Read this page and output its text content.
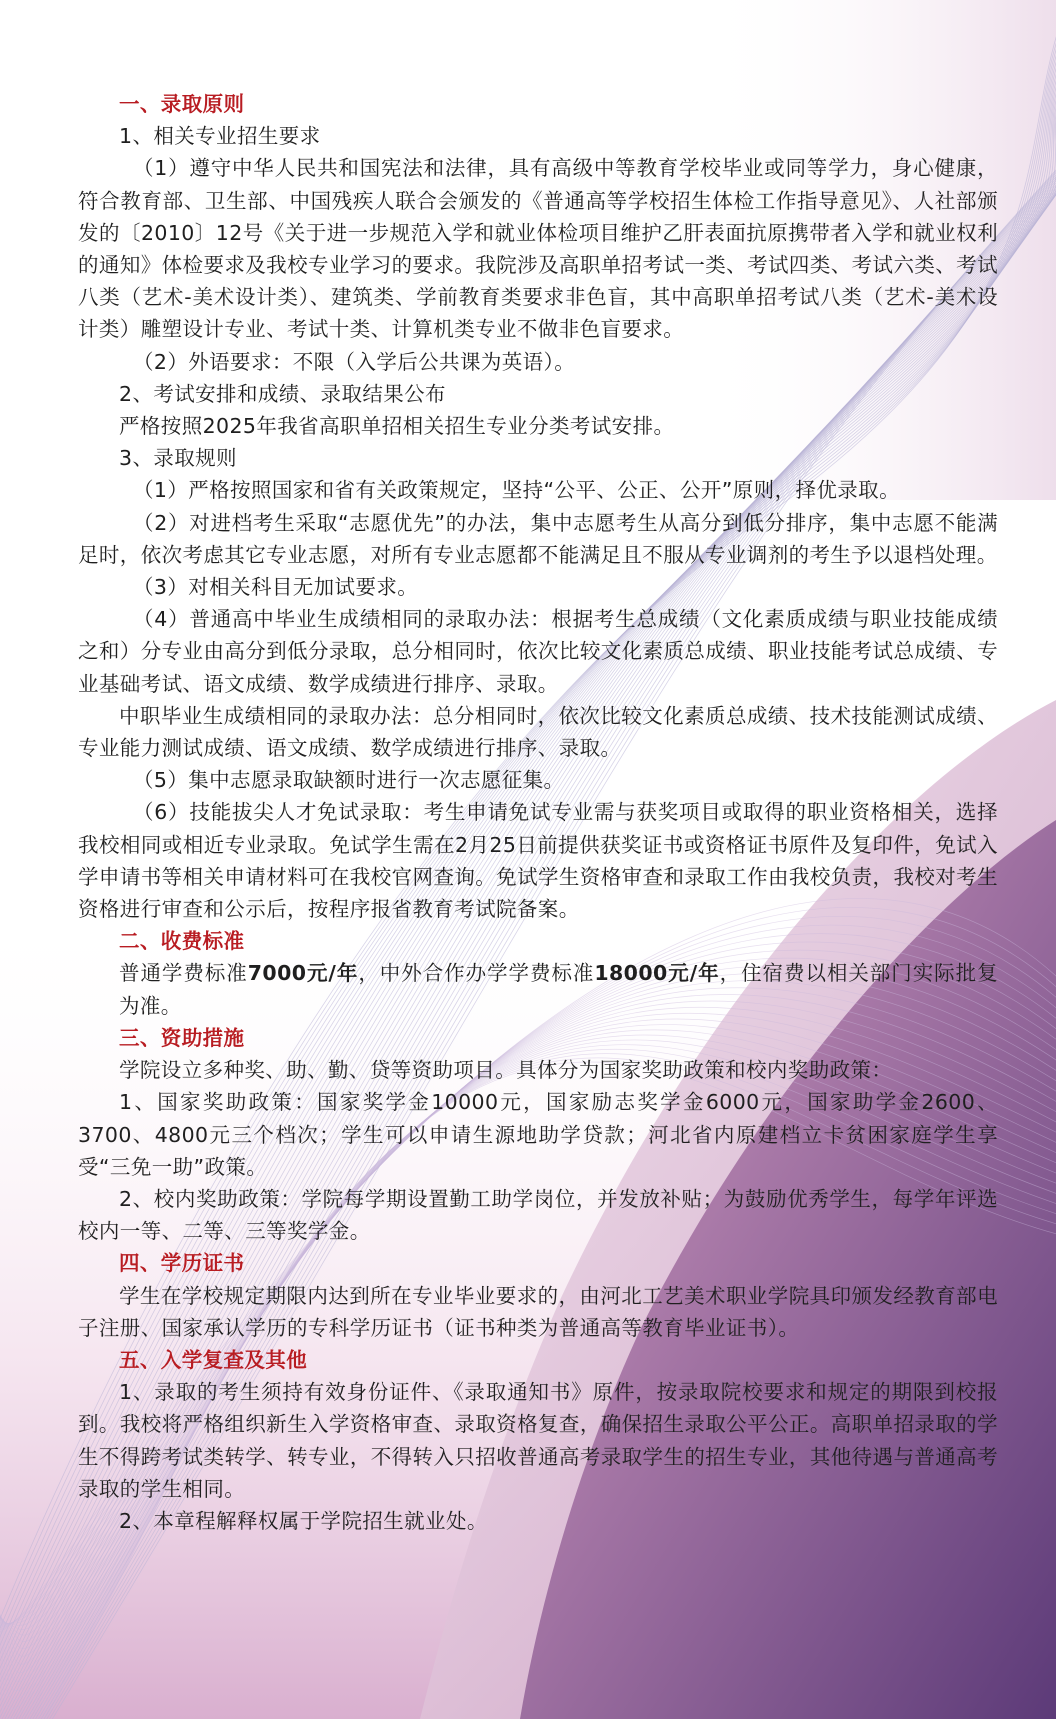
一、录取原则

1、相关专业招生要求

（1）遵守中华人民共和国宪法和法律，具有高级中等教育学校毕业或同等学力，身心健康，符合教育部、卫生部、中国残疾人联合会颁发的《普通高等学校招生体检工作指导意见》、人社部颁发的〔2010〕12号《关于进一步规范入学和就业体检项目维护乙肝表面抗原携带者入学和就业权利的通知》体检要求及我校专业学习的要求。我院涉及高职单招考试一类、考试四类、考试六类、考试八类（艺术-美术设计类）、建筑类、学前教育类要求非色盲，其中高职单招考试八类（艺术-美术设计类）雕塑设计专业、考试十类、计算机类专业不做非色盲要求。

（2）外语要求：不限（入学后公共课为英语）。

2、考试安排和成绩、录取结果公布

严格按照2025年我省高职单招相关招生专业分类考试安排。

3、录取规则

（1）严格按照国家和省有关政策规定，坚持“公平、公正、公开”原则，择优录取。

（2）对进档考生采取“志愿优先”的办法，集中志愿考生从高分到低分排序，集中志愿不能满足时，依次考虑其它专业志愿，对所有专业志愿都不能满足且不服从专业调剂的考生予以退档处理。

（3）对相关科目无加试要求。

（4）普通高中毕业生成绩相同的录取办法：根据考生总成绩（文化素质成绩与职业技能成绩之和）分专业由高分到低分录取，总分相同时，依次比较文化素质总成绩、职业技能考试总成绩、专业基础考试、语文成绩、数学成绩进行排序、录取。

中职毕业生成绩相同的录取办法：总分相同时，依次比较文化素质总成绩、技术技能测试成绩、专业能力测试成绩、语文成绩、数学成绩进行排序、录取。

（5）集中志愿录取缺额时进行一次志愿征集。

（6）技能拔尖人才免试录取：考生申请免试专业需与获奖项目或取得的职业资格相关，选择我校相同或相近专业录取。免试学生需在2月25日前提供获奖证书或资格证书原件及复印件，免试入学申请书等相关申请材料可在我校官网查询。免试学生资格审查和录取工作由我校负责，我校对考生资格进行审查和公示后，按程序报省教育考试院备案。

二、收费标准

普通学费标准7000元/年，中外合作办学学费标准18000元/年，住宿费以相关部门实际批复为准。

三、资助措施

学院设立多种奖、助、勤、贷等资助项目。具体分为国家奖助政策和校内奖助政策：

1、国家奖助政策：国家奖学金10000元，国家励志奖学金6000元，国家助学金2600、3700、4800元三个档次；学生可以申请生源地助学贷款；河北省内原建档立卡贫困家庭学生享受“三免一助”政策。

2、校内奖助政策：学院每学期设置勤工助学岗位，并发放补贴；为鼓励优秀学生，每学年评选校内一等、二等、三等奖学金。

四、学历证书

学生在学校规定期限内达到所在专业毕业要求的，由河北工艺美术职业学院具印颁发经教育部电子注册、国家承认学历的专科学历证书（证书种类为普通高等教育毕业证书）。

五、入学复查及其他

1、录取的考生须持有效身份证件、《录取通知书》原件，按录取院校要求和规定的期限到校报到。我校将严格组织新生入学资格审查、录取资格复查，确保招生录取公平公正。高职单招录取的学生不得跨考试类转学、转专业，不得转入只招收普通高考录取学生的招生专业，其他待遇与普通高考录取的学生相同。

2、本章程解释权属于学院招生就业处。
